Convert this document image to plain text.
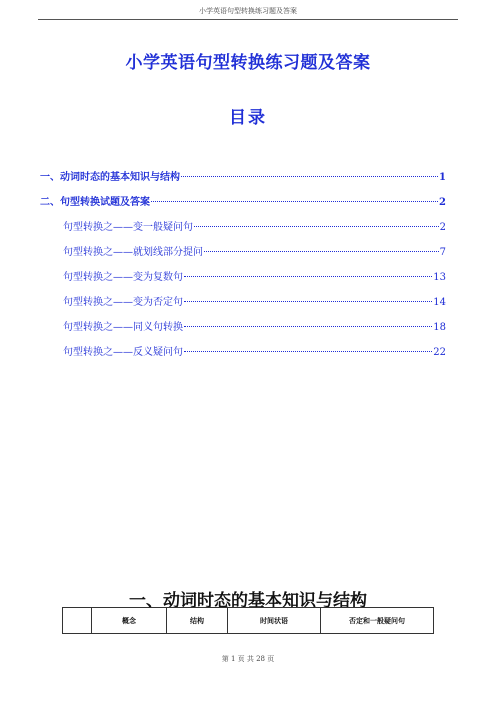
小学英语句型转换练习题及答案
小学英语句型转换练习题及答案
目录
一、动词时态的基本知识与结构	1
二、句型转换试题及答案	2
句型转换之——变一般疑问句	2
句型转换之——就划线部分提问	7
句型转换之——变为复数句	13
句型转换之——变为否定句	14
句型转换之——同义句转换	18
句型转换之——反义疑问句	22
一、动词时态的基本知识与结构
	概念	结构	时间状语	否定和一般疑问句
第 1 页 共 28 页
